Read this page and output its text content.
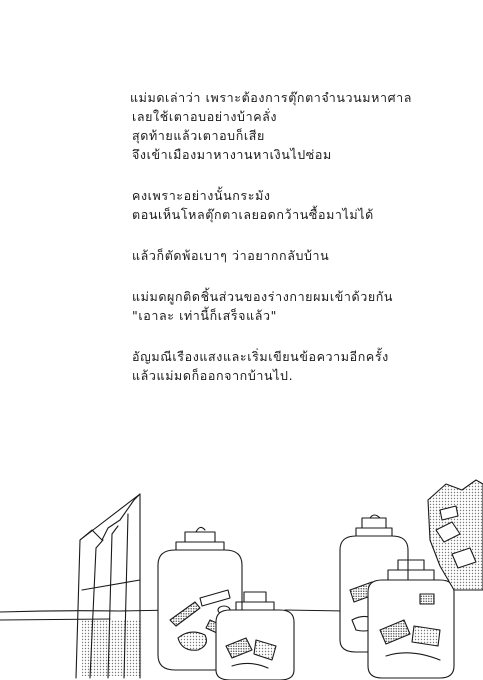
แม่มดเล่าว่า เพราะต้องการตุ๊กตาจำนวนมหาศาล
เลยใช้เตาอบอย่างบ้าคลั่ง
สุดท้ายแล้วเตาอบก็เสีย
จึงเข้าเมืองมาหางานหาเงินไปซ่อม

คงเพราะอย่างนั้นกระมัง
ตอนเห็นโหลตุ๊กตาเลยอดกว้านซื้อมาไม่ได้

แล้วก็ตัดพ้อเบาๆ ว่าอยากกลับบ้าน

แม่มดผูกติดชิ้นส่วนของร่างกายผมเข้าด้วยกัน
"เอาละ เท่านี้ก็เสร็จแล้ว"

อัญมณีเรืองแสงและเริ่มเขียนข้อความอีกครั้ง
แล้วแม่มดก็ออกจากบ้านไป.
